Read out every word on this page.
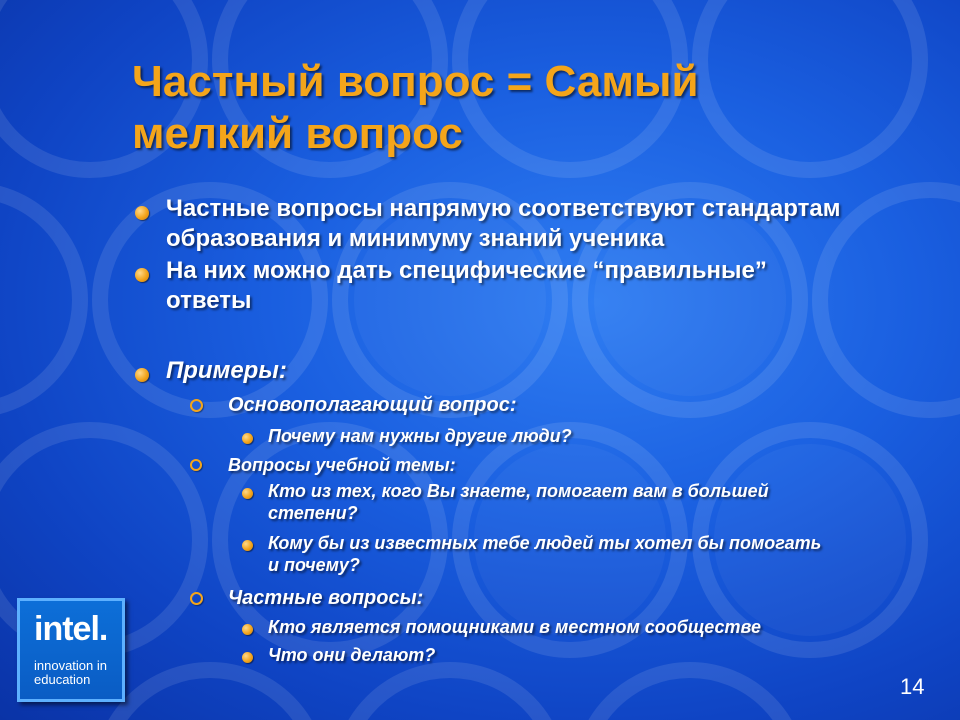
Частный вопрос = Самый
мелкий вопрос
Частные вопросы напрямую соответствуют стандартам
образования и минимуму знаний ученика
На них можно дать специфические “правильные”
ответы
Примеры:
Основополагающий вопрос:
Почему нам нужны другие люди?
Вопросы учебной темы:
Кто из тех, кого Вы знаете, помогает вам в большей
степени?
Кому бы из известных тебе людей ты хотел бы помогать
и почему?
Частные вопросы:
Кто является помощниками в местном сообществе
Что они делают?

intel.

innovation in education	14
